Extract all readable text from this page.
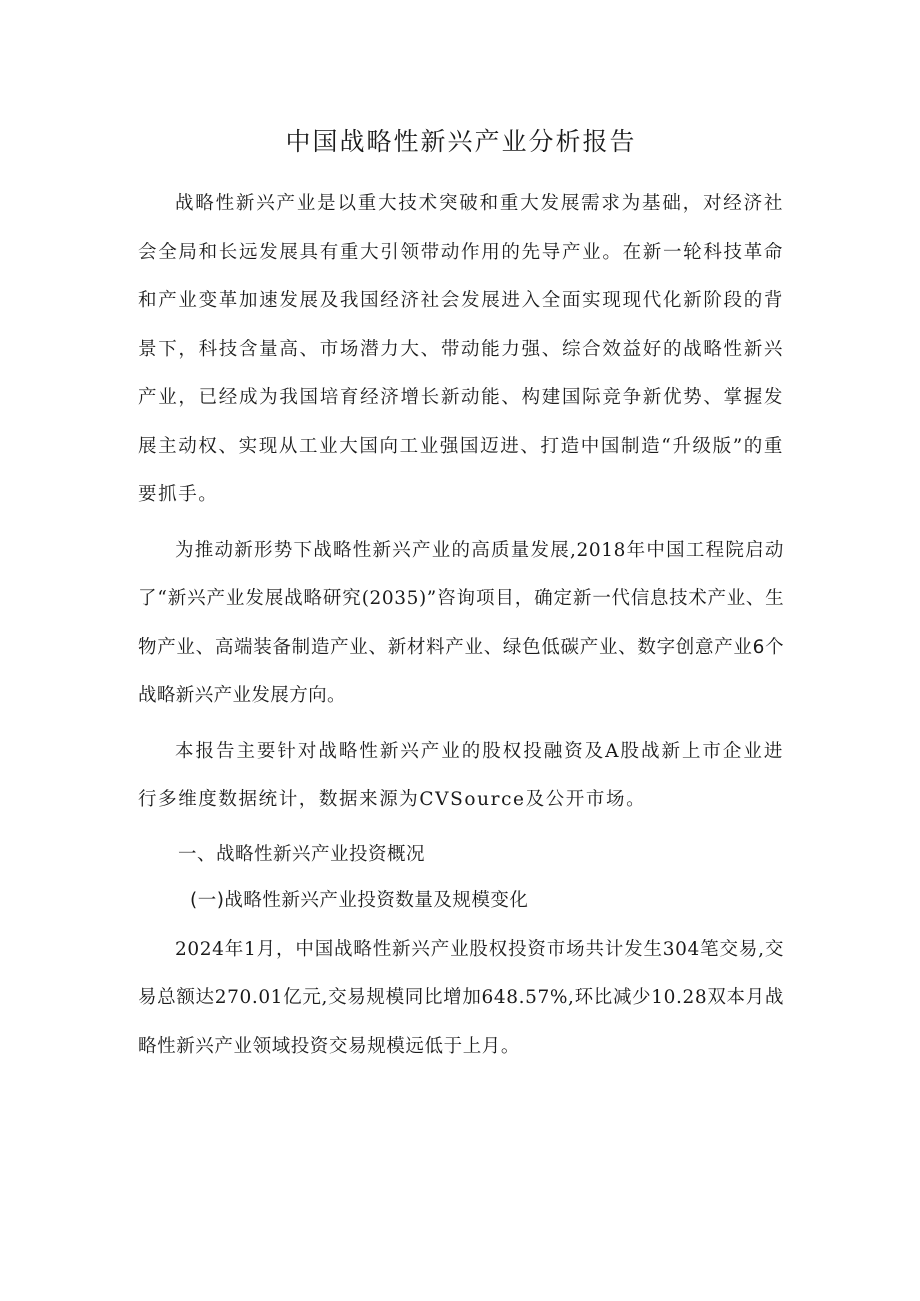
中国战略性新兴产业分析报告

战略性新兴产业是以重大技术突破和重大发展需求为基础，对经济社会全局和长远发展具有重大引领带动作用的先导产业。在新一轮科技革命和产业变革加速发展及我国经济社会发展进入全面实现现代化新阶段的背景下，科技含量高、市场潜力大、带动能力强、综合效益好的战略性新兴产业，已经成为我国培育经济增长新动能、构建国际竞争新优势、掌握发展主动权、实现从工业大国向工业强国迈进、打造中国制造“升级版”的重要抓手。

为推动新形势下战略性新兴产业的高质量发展,2018年中国工程院启动了“新兴产业发展战略研究(2035)”咨询项目，确定新一代信息技术产业、生物产业、高端装备制造产业、新材料产业、绿色低碳产业、数字创意产业6个战略新兴产业发展方向。

本报告主要针对战略性新兴产业的股权投融资及A股战新上市企业进行多维度数据统计，数据来源为CVSource及公开市场。

一、战略性新兴产业投资概况
(一)战略性新兴产业投资数量及规模变化

2024年1月，中国战略性新兴产业股权投资市场共计发生304笔交易,交易总额达270.01亿元,交易规模同比增加648.57%,环比减少10.28双本月战略性新兴产业领域投资交易规模远低于上月。
